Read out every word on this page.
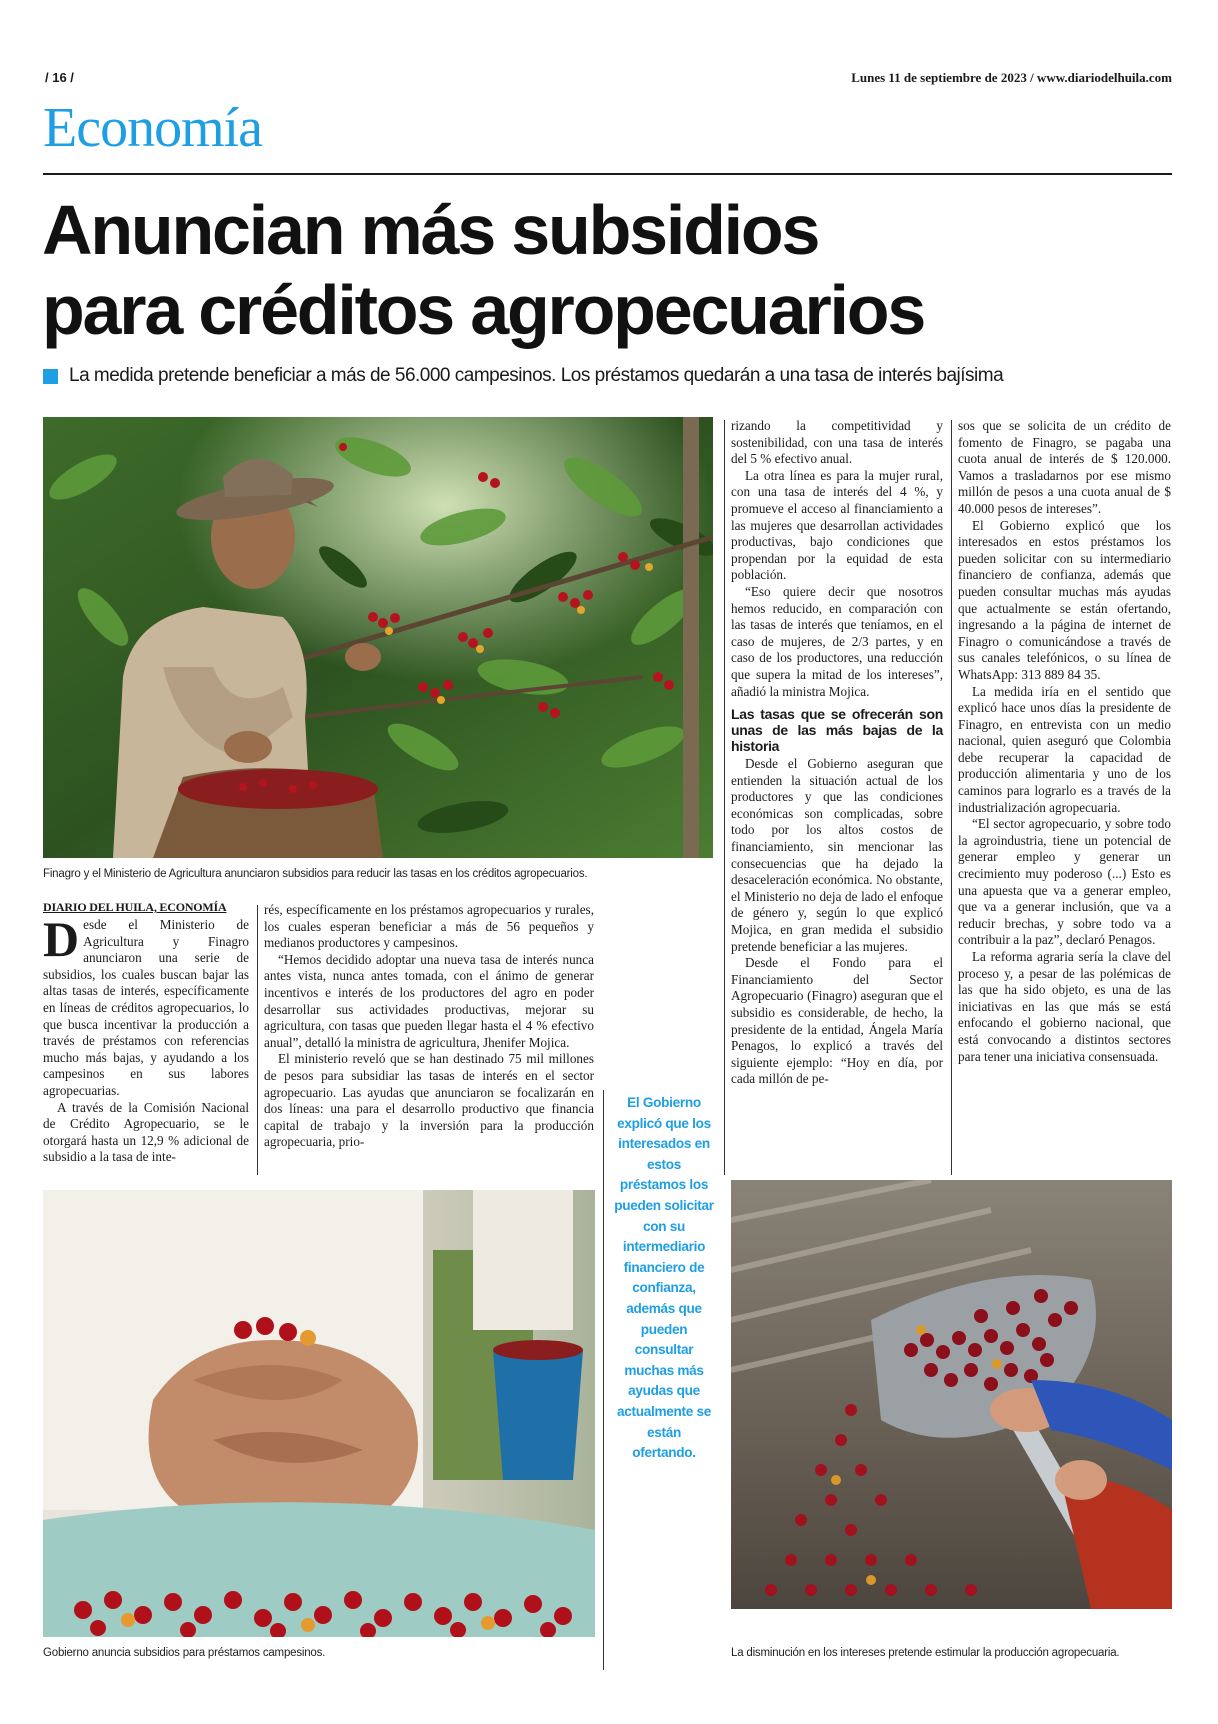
/ 16 /	Lunes 11 de septiembre de 2023 / www.diariodelhuila.com
Economía
Anuncian más subsidios
para créditos agropecuarios
La medida pretende beneficiar a más de 56.000 campesinos. Los préstamos quedarán a una tasa de interés bajísima
Finagro y el Ministerio de Agricultura anunciaron subsidios para reducir las tasas en los créditos agropecuarios.
DIARIO DEL HUILA, ECONOMÍA

Desde el Ministerio de Agricultura y Finagro anunciaron una serie de subsidios, los cuales buscan bajar las altas tasas de interés, específicamente en líneas de créditos agropecuarios, lo que busca incentivar la producción a través de préstamos con referencias mucho más bajas, y ayudando a los campesinos en sus labores agropecuarias.

A través de la Comisión Nacional de Crédito Agropecuario, se le otorgará hasta un 12,9 % adicional de subsidio a la tasa de inte-

rés, específicamente en los préstamos agropecuarios y rurales, los cuales esperan beneficiar a más de 56 pequeños y medianos productores y campesinos.

“Hemos decidido adoptar una nueva tasa de interés nunca antes vista, nunca antes tomada, con el ánimo de generar incentivos e interés de los productores del agro en poder desarrollar sus actividades productivas, mejorar su agricultura, con tasas que pueden llegar hasta el 4 % efectivo anual”, detalló la ministra de agricultura, Jhenifer Mojica.

El ministerio reveló que se han destinado 75 mil millones de pesos para subsidiar las tasas de interés en el sector agropecuario. Las ayudas que anunciaron se focalizarán en dos líneas: una para el desarrollo productivo que financia capital de trabajo y la inversión para la producción agropecuaria, prio-

Gobierno anuncia subsidios para préstamos campesinos.
El Gobierno explicó que los interesados en estos préstamos los pueden solicitar con su intermediario financiero de confianza, además que pueden consultar muchas más ayudas que actualmente se están ofertando.

rizando la competitividad y sostenibilidad, con una tasa de interés del 5 % efectivo anual.

La otra línea es para la mujer rural, con una tasa de interés del 4 %, y promueve el acceso al financiamiento a las mujeres que desarrollan actividades productivas, bajo condiciones que propendan por la equidad de esta población.

“Eso quiere decir que nosotros hemos reducido, en comparación con las tasas de interés que teníamos, en el caso de mujeres, de 2/3 partes, y en caso de los productores, una reducción que supera la mitad de los intereses”, añadió la ministra Mojica.

Las tasas que se ofrecerán son unas de las más bajas de la historia

Desde el Gobierno aseguran que entienden la situación actual de los productores y que las condiciones económicas son complicadas, sobre todo por los altos costos de financiamiento, sin mencionar las consecuencias que ha dejado la desaceleración económica. No obstante, el Ministerio no deja de lado el enfoque de género y, según lo que explicó Mojica, en gran medida el subsidio pretende beneficiar a las mujeres.

Desde el Fondo para el Financiamiento del Sector Agropecuario (Finagro) aseguran que el subsidio es considerable, de hecho, la presidente de la entidad, Ángela María Penagos, lo explicó a través del siguiente ejemplo: “Hoy en día, por cada millón de pe-

sos que se solicita de un crédito de fomento de Finagro, se pagaba una cuota anual de interés de $ 120.000. Vamos a trasladarnos por ese mismo millón de pesos a una cuota anual de $ 40.000 pesos de intereses”.

El Gobierno explicó que los interesados en estos préstamos los pueden solicitar con su intermediario financiero de confianza, además que pueden consultar muchas más ayudas que actualmente se están ofertando, ingresando a la página de internet de Finagro o comunicándose a través de sus canales telefónicos, o su línea de WhatsApp: 313 889 84 35.

La medida iría en el sentido que explicó hace unos días la presidente de Finagro, en entrevista con un medio nacional, quien aseguró que Colombia debe recuperar la capacidad de producción alimentaria y uno de los caminos para lograrlo es a través de la industrialización agropecuaria.

“El sector agropecuario, y sobre todo la agroindustria, tiene un potencial de generar empleo y generar un crecimiento muy poderoso (...) Esto es una apuesta que va a generar empleo, que va a generar inclusión, que va a reducir brechas, y sobre todo va a contribuir a la paz”, declaró Penagos.

La reforma agraria sería la clave del proceso y, a pesar de las polémicas de las que ha sido objeto, es una de las iniciativas en las que más se está enfocando el gobierno nacional, que está convocando a distintos sectores para tener una iniciativa consensuada.

La disminución en los intereses pretende estimular la producción agropecuaria.
